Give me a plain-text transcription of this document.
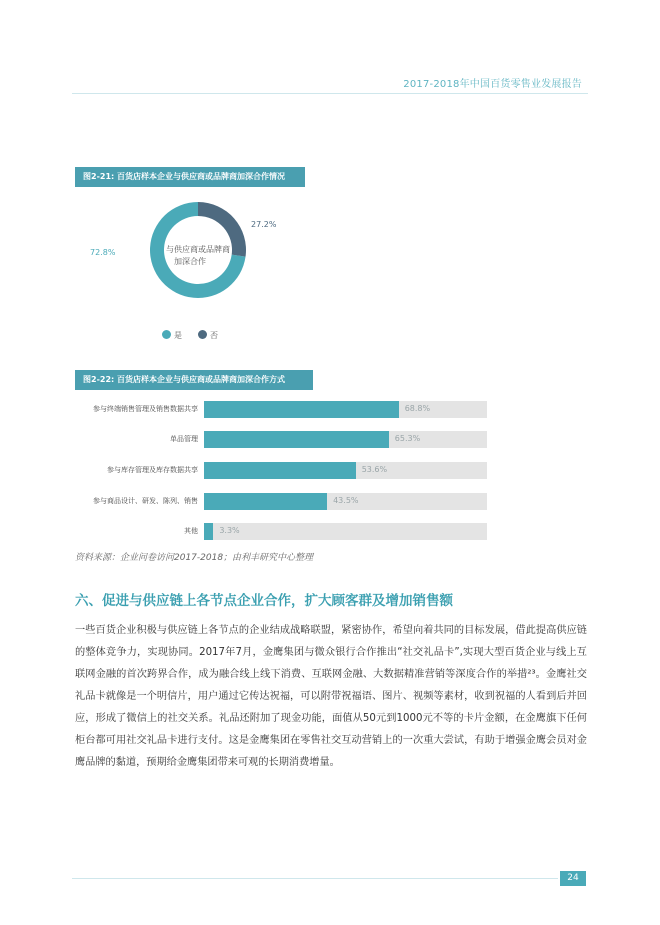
2017-2018年中国百货零售业发展报告
图2-21: 百货店样本企业与供应商或品牌商加深合作情况
与供应商或品牌商
加深合作
72.8%
27.2%
是	否
图2-22: 百货店样本企业与供应商或品牌商加深合作方式
参与终端销售管理及销售数据共享	68.8%
单品管理	65.3%
参与库存管理及库存数据共享	53.6%
参与商品设计、研发、陈列、销售	43.5%
其他	3.3%
资料来源：企业问卷访问2017-2018；由利丰研究中心整理
六、促进与供应链上各节点企业合作，扩大顾客群及增加销售额
一些百货企业积极与供应链上各节点的企业结成战略联盟，紧密协作，希望向着共同的目标发展，借此提高供应链的整体竞争力，实现协同。2017年7月，金鹰集团与微众银行合作推出“社交礼品卡”,实现大型百货企业与线上互联网金融的首次跨界合作，成为融合线上线下消费、互联网金融、大数据精准营销等深度合作的举措²³。金鹰社交礼品卡就像是一个明信片，用户通过它传达祝福，可以附带祝福语、图片、视频等素材，收到祝福的人看到后并回应，形成了微信上的社交关系。礼品还附加了现金功能，面值从50元到1000元不等的卡片金额，在金鹰旗下任何柜台都可用社交礼品卡进行支付。这是金鹰集团在零售社交互动营销上的一次重大尝试，有助于增强金鹰会员对金鹰品牌的黏道，预期给金鹰集团带来可观的长期消费增量。
24
